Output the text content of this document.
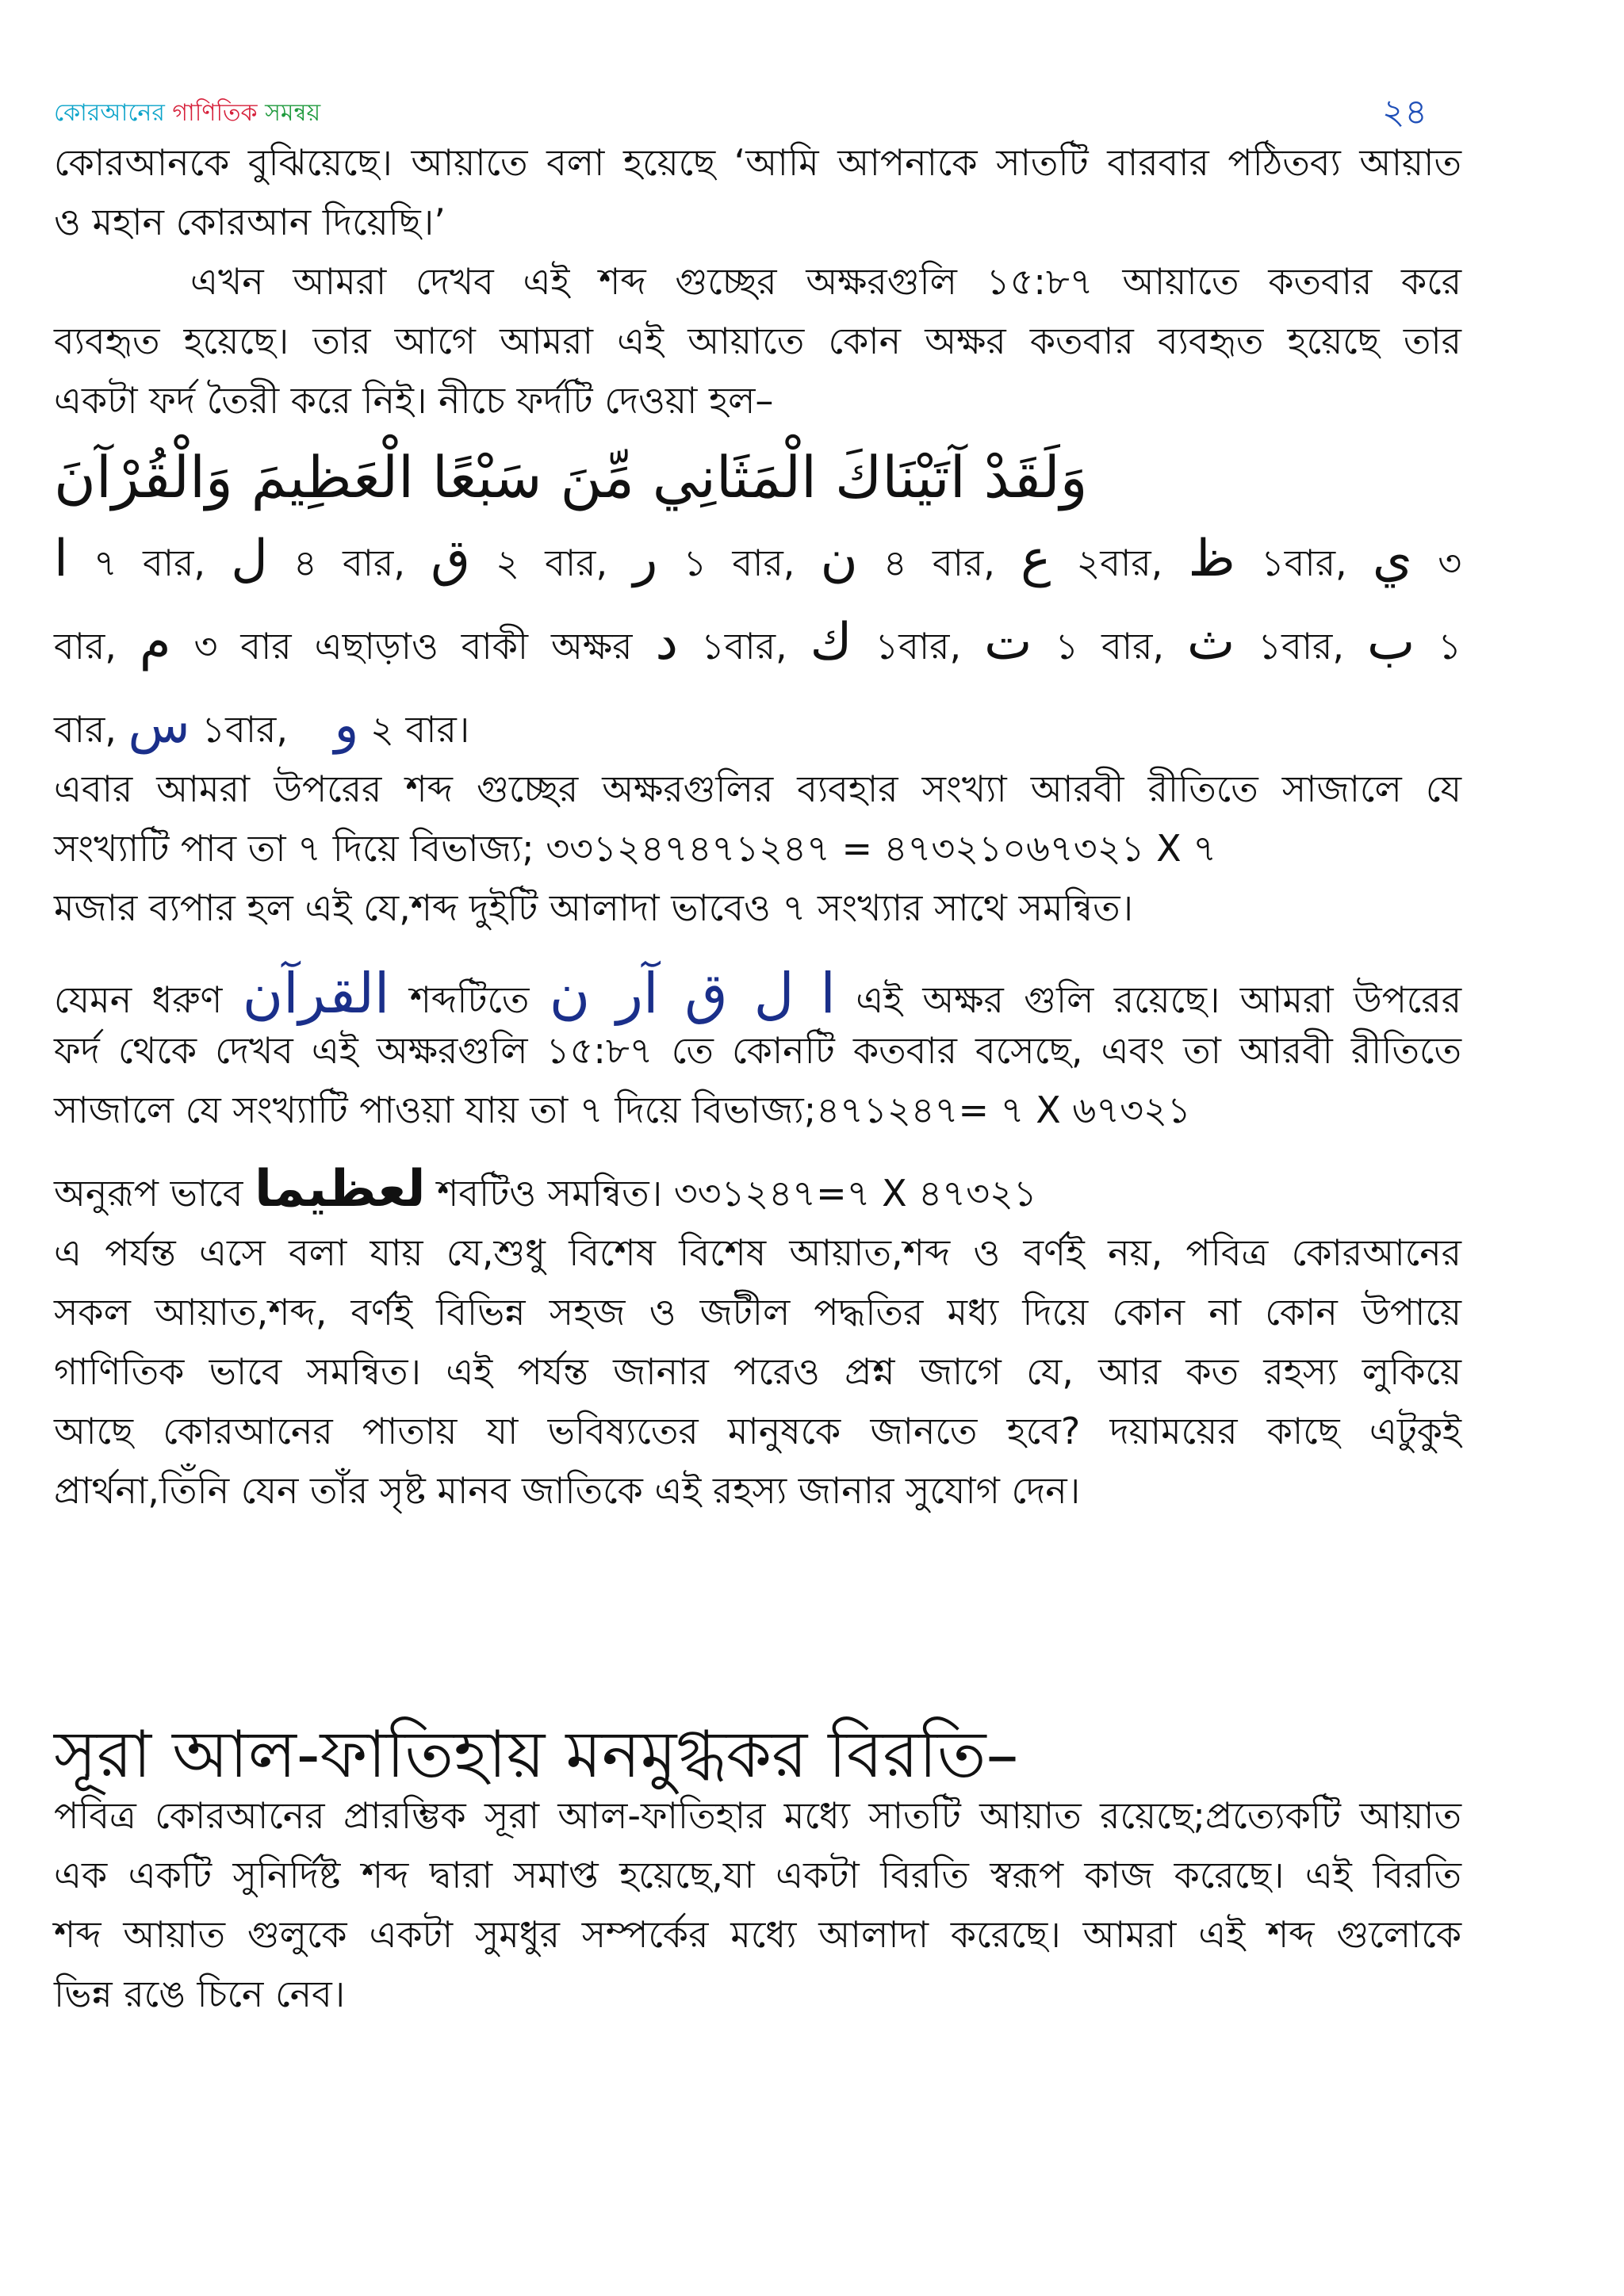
কোরআনের গাণিতিক সমন্বয়	২৪
কোরআনকে বুঝিয়েছে। আয়াতে বলা হয়েছে ‘আমি আপনাকে সাতটি বারবার পঠিতব্য আয়াত
ও মহান কোরআন দিয়েছি।’
এখন আমরা দেখব এই শব্দ গুচ্ছের অক্ষরগুলি ১৫:৮৭ আয়াতে কতবার করে
ব্যবহৃত হয়েছে। তার আগে আমরা এই আয়াতে কোন অক্ষর কতবার ব্যবহৃত হয়েছে তার
একটা ফর্দ তৈরী করে নিই। নীচে ফর্দটি দেওয়া হল–
وَلَقَدْ آتَيْنَاكَ الْمَثَانِي مِّنَ سَبْعًا الْعَظِيمَ وَالْقُرْآنَ
ا ৭ বার, ل ৪ বার, ق ২ বার, ر ১ বার, ن ৪ বার, ع ২বার, ظ ১বার, ي ৩
বার, م ৩ বার এছাড়াও বাকী অক্ষর د ১বার, ك ১বার, ت ১ বার, ث ১বার, ب ১
বার, س ১বার, و ২ বার।
এবার আমরা উপরের শব্দ গুচ্ছের অক্ষরগুলির ব্যবহার সংখ্যা আরবী রীতিতে সাজালে যে
সংখ্যাটি পাব তা ৭ দিয়ে বিভাজ্য; ৩৩১২৪৭৪৭১২৪৭ = ৪৭৩২১০৬৭৩২১ X ৭
মজার ব্যপার হল এই যে,শব্দ দুইটি আলাদা ভাবেও ৭ সংখ্যার সাথে সমন্বিত।
যেমন ধরুণ القرآن শব্দটিতে ا ل ق آر ن এই অক্ষর গুলি রয়েছে। আমরা উপরের
ফর্দ থেকে দেখব এই অক্ষরগুলি ১৫:৮৭ তে কোনটি কতবার বসেছে, এবং তা আরবী রীতিতে
সাজালে যে সংখ্যাটি পাওয়া যায় তা ৭ দিয়ে বিভাজ্য;৪৭১২৪৭= ৭ X ৬৭৩২১
অনুরূপ ভাবে لعظيما শবটিও সমন্বিত। ৩৩১২৪৭=৭ X ৪৭৩২১
এ পর্যন্ত এসে বলা যায় যে,শুধু বিশেষ বিশেষ আয়াত,শব্দ ও বর্ণই নয়, পবিত্র কোরআনের
সকল আয়াত,শব্দ, বর্ণই বিভিন্ন সহজ ও জটীল পদ্ধতির মধ্য দিয়ে কোন না কোন উপায়ে
গাণিতিক ভাবে সমন্বিত। এই পর্যন্ত জানার পরেও প্রশ্ন জাগে যে, আর কত রহস্য লুকিয়ে
আছে কোরআনের পাতায় যা ভবিষ্যতের মানুষকে জানতে হবে? দয়াময়ের কাছে এটুকুই
প্রার্থনা,তিঁনি যেন তাঁর সৃষ্ট মানব জাতিকে এই রহস্য জানার সুযোগ দেন।
সূরা আল-ফাতিহায় মনমুগ্ধকর বিরতি–
পবিত্র কোরআনের প্রারম্ভিক সূরা আল-ফাতিহার মধ্যে সাতটি আয়াত রয়েছে;প্রত্যেকটি আয়াত
এক একটি সুনির্দিষ্ট শব্দ দ্বারা সমাপ্ত হয়েছে,যা একটা বিরতি স্বরূপ কাজ করেছে। এই বিরতি
শব্দ আয়াত গুলুকে একটা সুমধুর সম্পর্কের মধ্যে আলাদা করেছে। আমরা এই শব্দ গুলোকে
ভিন্ন রঙে চিনে নেব।
